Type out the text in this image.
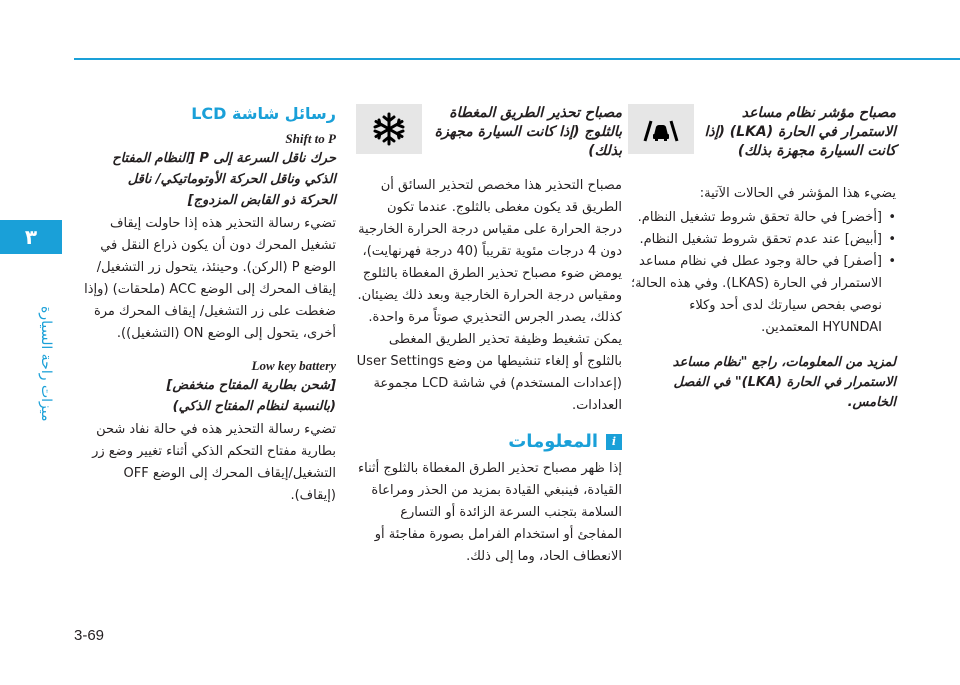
٣
ميزات راحة السيارة
مصباح مؤشر نظام مساعد الاستمرار في الحارة (LKA) (إذا كانت السيارة مجهزة بذلك)
يضيء هذا المؤشر في الحالات الآتية:
• [أخضر] في حالة تحقق شروط تشغيل النظام.
• [أبيض] عند عدم تحقق شروط تشغيل النظام.
• [أصفر] في حالة وجود عطل في نظام مساعد الاستمرار في الحارة (LKAS). وفي هذه الحالة؛ نوصي بفحص سيارتك لدى أحد وكلاء HYUNDAI المعتمدين.
لمزيد من المعلومات، راجع "نظام مساعد الاستمرار في الحارة (LKA)" في الفصل الخامس.
مصباح تحذير الطريق المغطاة بالثلوج (إذا كانت السيارة مجهزة بذلك)
مصباح التحذير هذا مخصص لتحذير السائق أن الطريق قد يكون مغطى بالثلوج. عندما تكون درجة الحرارة على مقياس درجة الحرارة الخارجية دون 4 درجات مئوية تقريباً (40 درجة فهرنهايت)، يومض ضوء مصباح تحذير الطرق المغطاة بالثلوج ومقياس درجة الحرارة الخارجية وبعد ذلك يضيئان. كذلك، يصدر الجرس التحذيري صوتاً مرة واحدة. يمكن تشغيط وظيفة تحذير الطريق المغطى بالثلوج أو إلغاء تنشيطها من وضع User Settings (إعدادات المستخدم) في شاشة LCD مجموعة العدادات.
i
المعلومات
إذا ظهر مصباح تحذير الطرق المغطاة بالثلوج أثناء القيادة، فينبغي القيادة بمزيد من الحذر ومراعاة السلامة بتجنب السرعة الزائدة أو التسارع المفاجئ أو استخدام الفرامل بصورة مفاجئة أو الانعطاف الحاد، وما إلى ذلك.
رسائل شاشة LCD
Shift to P
حرك ناقل السرعة إلى P [النظام المفتاح
الذكي وناقل الحركة الأوتوماتيكي/ ناقل
الحركة ذو القابض المزدوج]
تضيء رسالة التحذير هذه إذا حاولت إيقاف تشغيل المحرك دون أن يكون ذراع النقل في الوضع P (الركن). وحينئذ، يتحول زر التشغيل/إيقاف المحرك إلى الوضع ACC (ملحقات) (وإذا ضغطت على زر التشغيل/ إيقاف المحرك مرة أخرى، يتحول إلى الوضع ON (التشغيل)).
Low key battery
[شحن بطارية المفتاح منخفض]
(بالنسبة لنظام المفتاح الذكي)
تضيء رسالة التحذير هذه في حالة نفاد شحن بطارية مفتاح التحكم الذكي أثناء تغيير وضع زر التشغيل/إيقاف المحرك إلى الوضع OFF (إيقاف).
3-69
